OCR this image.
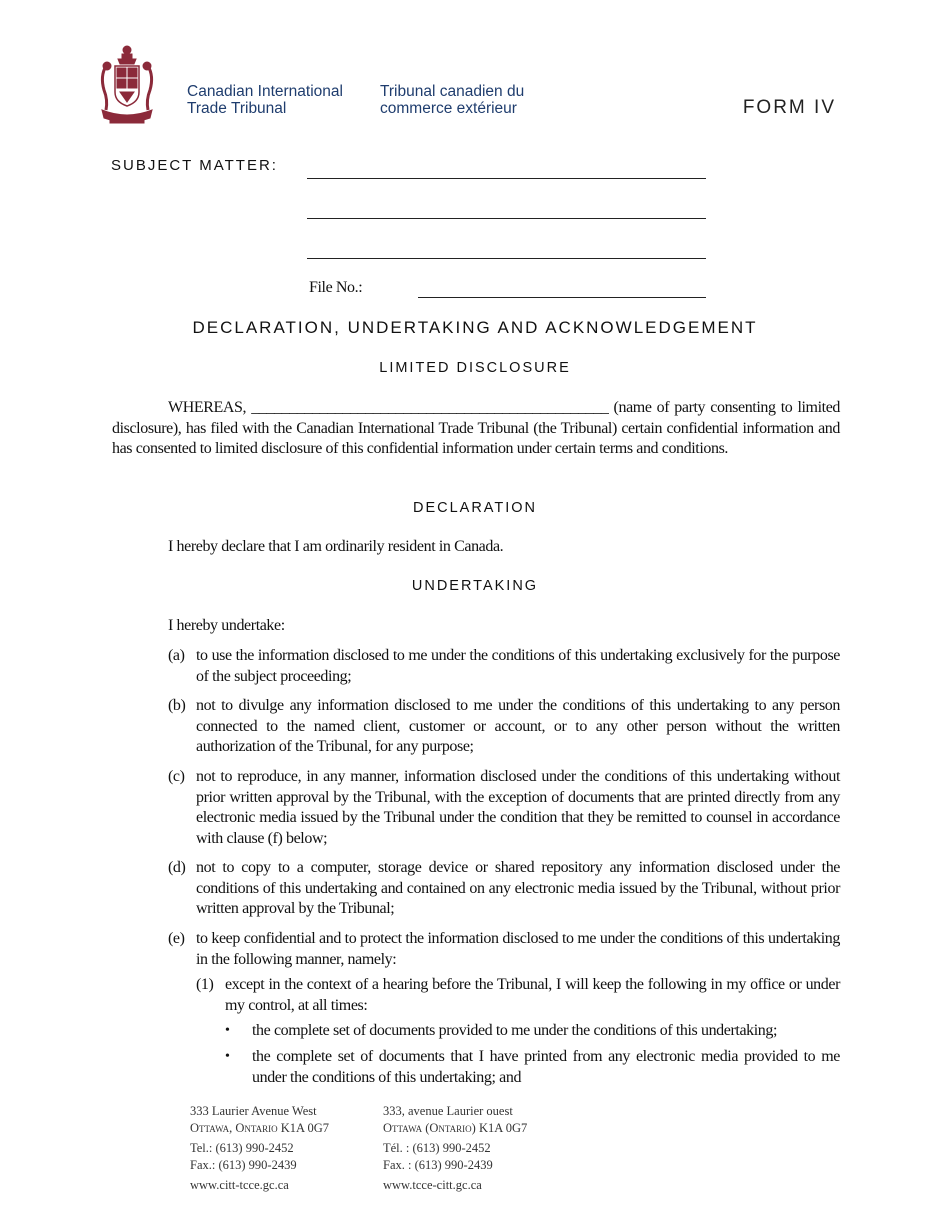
Canadian International
Trade Tribunal
Tribunal canadien du
commerce extérieur	FORM IV
SUBJECT MATTER:
File No.:
DECLARATION, UNDERTAKING AND ACKNOWLEDGEMENT
LIMITED DISCLOSURE
WHEREAS, _______________________________________________ (name of party consenting to limited disclosure), has filed with the Canadian International Trade Tribunal (the Tribunal) certain confidential information and has consented to limited disclosure of this confidential information under certain terms and conditions.
DECLARATION
I hereby declare that I am ordinarily resident in Canada.
UNDERTAKING
I hereby undertake:
(a) to use the information disclosed to me under the conditions of this undertaking exclusively for the purpose of the subject proceeding;
(b) not to divulge any information disclosed to me under the conditions of this undertaking to any person connected to the named client, customer or account, or to any other person without the written authorization of the Tribunal, for any purpose;
(c) not to reproduce, in any manner, information disclosed under the conditions of this undertaking without prior written approval by the Tribunal, with the exception of documents that are printed directly from any electronic media issued by the Tribunal under the condition that they be remitted to counsel in accordance with clause (f) below;
(d) not to copy to a computer, storage device or shared repository any information disclosed under the conditions of this undertaking and contained on any electronic media issued by the Tribunal, without prior written approval by the Tribunal;
(e) to keep confidential and to protect the information disclosed to me under the conditions of this undertaking in the following manner, namely:
(1) except in the context of a hearing before the Tribunal, I will keep the following in my office or under my control, at all times:
• the complete set of documents provided to me under the conditions of this undertaking;
• the complete set of documents that I have printed from any electronic media provided to me under the conditions of this undertaking; and
333 Laurier Avenue West
Ottawa, Ontario K1A 0G7
Tel.: (613) 990-2452
Fax.: (613) 990-2439
www.citt-tcce.gc.ca
333, avenue Laurier ouest
Ottawa (Ontario) K1A 0G7
Tél. : (613) 990-2452
Fax. : (613) 990-2439
www.tcce-citt.gc.ca
